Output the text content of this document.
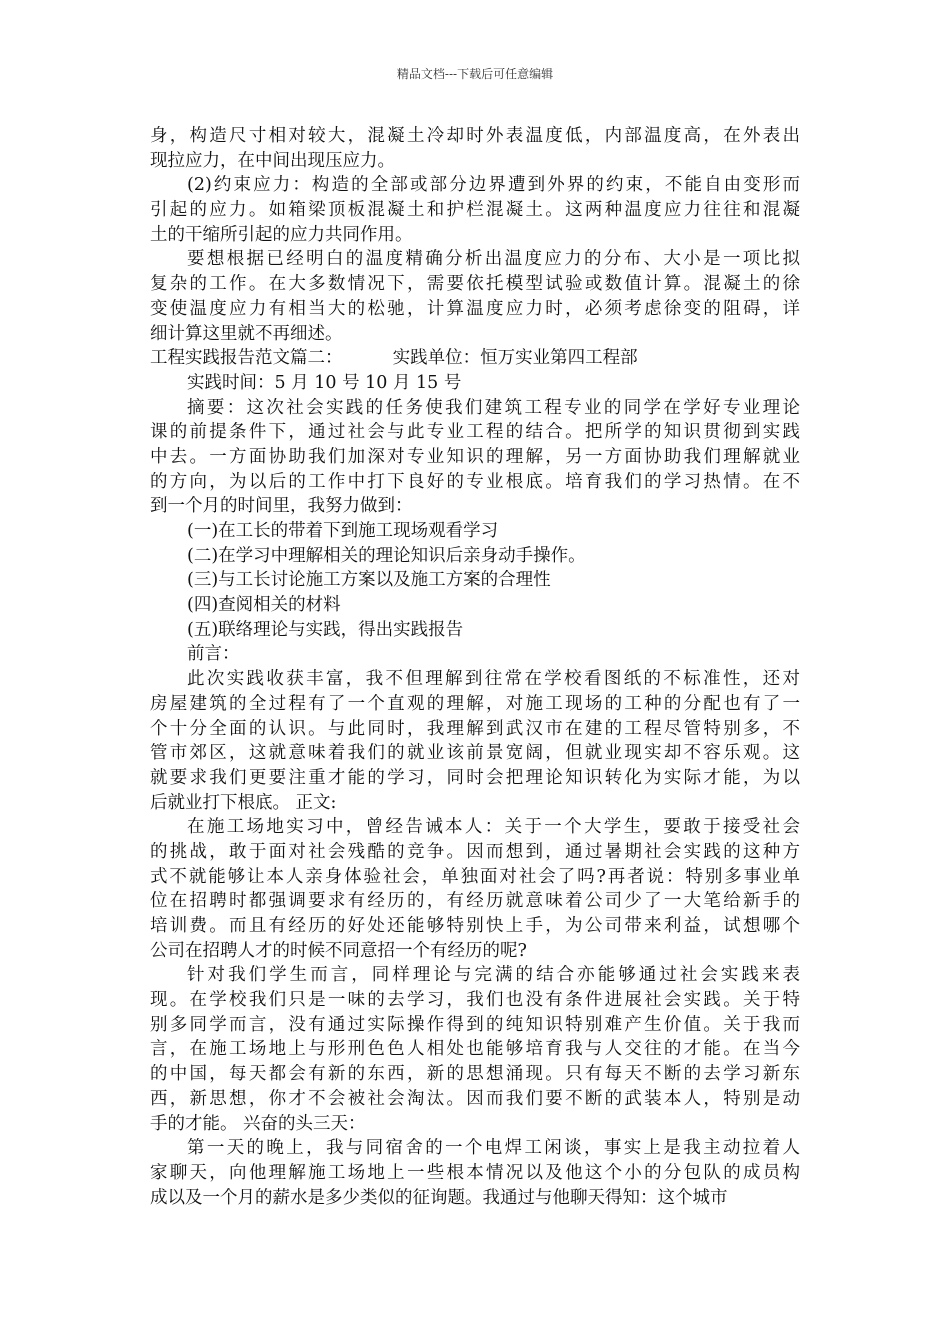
精品文档---下载后可任意编辑
身，构造尺寸相对较大，混凝土冷却时外表温度低，内部温度高，在外表出
现拉应力，在中间出现压应力。
(2)约束应力：构造的全部或部分边界遭到外界的约束，不能自由变形而
引起的应力。如箱梁顶板混凝土和护栏混凝土。这两种温度应力往往和混凝
土的干缩所引起的应力共同作用。
要想根据已经明白的温度精确分析出温度应力的分布、大小是一项比拟
复杂的工作。在大多数情况下，需要依托模型试验或数值计算。混凝土的徐
变使温度应力有相当大的松驰，计算温度应力时，必须考虑徐变的阻碍，详
细计算这里就不再细述。
工程实践报告范文篇二：         实践单位：恒万实业第四工程部
实践时间：5 月 10 号 10 月 15 号
摘要：这次社会实践的任务使我们建筑工程专业的同学在学好专业理论
课的前提条件下，通过社会与此专业工程的结合。把所学的知识贯彻到实践
中去。一方面协助我们加深对专业知识的理解，另一方面协助我们理解就业
的方向，为以后的工作中打下良好的专业根底。培育我们的学习热情。在不
到一个月的时间里，我努力做到：
(一)在工长的带着下到施工现场观看学习
(二)在学习中理解相关的理论知识后亲身动手操作。
(三)与工长讨论施工方案以及施工方案的合理性
(四)查阅相关的材料
(五)联络理论与实践，得出实践报告
前言：
此次实践收获丰富，我不但理解到往常在学校看图纸的不标准性，还对
房屋建筑的全过程有了一个直观的理解，对施工现场的工种的分配也有了一
个十分全面的认识。与此同时，我理解到武汉市在建的工程尽管特别多，不
管市郊区，这就意味着我们的就业该前景宽阔，但就业现实却不容乐观。这
就要求我们更要注重才能的学习，同时会把理论知识转化为实际才能，为以
后就业打下根底。 正文:
在施工场地实习中，曾经告诫本人：关于一个大学生，要敢于接受社会
的挑战，敢于面对社会残酷的竞争。因而想到，通过暑期社会实践的这种方
式不就能够让本人亲身体验社会，单独面对社会了吗?再者说：特别多事业单
位在招聘时都强调要求有经历的，有经历就意味着公司少了一大笔给新手的
培训费。而且有经历的好处还能够特别快上手，为公司带来利益，试想哪个
公司在招聘人才的时候不同意招一个有经历的呢?
针对我们学生而言，同样理论与完满的结合亦能够通过社会实践来表
现。在学校我们只是一味的去学习，我们也没有条件进展社会实践。关于特
别多同学而言，没有通过实际操作得到的纯知识特别难产生价值。关于我而
言，在施工场地上与形刑色色人相处也能够培育我与人交往的才能。在当今
的中国，每天都会有新的东西，新的思想涌现。只有每天不断的去学习新东
西，新思想，你才不会被社会淘汰。因而我们要不断的武装本人，特别是动
手的才能。 兴奋的头三天：
第一天的晚上，我与同宿舍的一个电焊工闲谈，事实上是我主动拉着人
家聊天，向他理解施工场地上一些根本情况以及他这个小的分包队的成员构
成以及一个月的薪水是多少类似的征询题。我通过与他聊天得知：这个城市
